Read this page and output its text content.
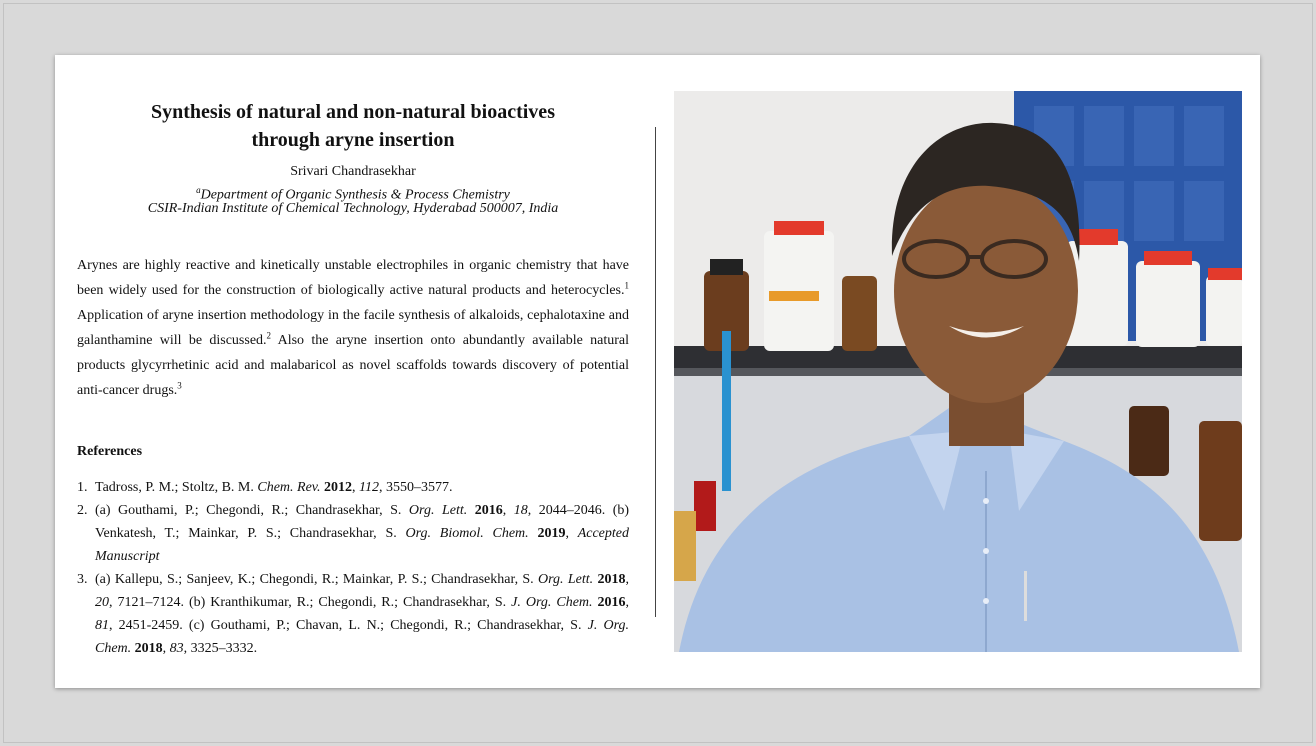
Synthesis of natural and non-natural bioactives
through aryne insertion
Srivari Chandrasekhar
$^a$Department of Organic Synthesis & Process Chemistry
CSIR-Indian Institute of Chemical Technology, Hyderabad 500007, India

Arynes are highly reactive and kinetically unstable electrophiles in organic chemistry that have been widely used for the construction of biologically active natural products and heterocycles.$^1$ Application of aryne insertion methodology in the facile synthesis of alkaloids, cephalotaxine and galanthamine will be discussed.$^2$ Also the aryne insertion onto abundantly available natural products glycyrrhetinic acid and malabaricol as novel scaffolds towards discovery of potential anti-cancer drugs.$^3$

References
1. Tadross, P. M.; Stoltz, B. M. Chem. Rev. 2012, 112, 3550–3577.
2. (a) Gouthami, P.; Chegondi, R.; Chandrasekhar, S. Org. Lett. 2016, 18, 2044–2046. (b) Venkatesh, T.; Mainkar, P. S.; Chandrasekhar, S. Org. Biomol. Chem. 2019, Accepted Manuscript
3. (a) Kallepu, S.; Sanjeev, K.; Chegondi, R.; Mainkar, P. S.; Chandrasekhar, S. Org. Lett. 2018, 20, 7121–7124. (b) Kranthikumar, R.; Chegondi, R.; Chandrasekhar, S. J. Org. Chem. 2016, 81, 2451-2459. (c) Gouthami, P.; Chavan, L. N.; Chegondi, R.; Chandrasekhar, S. J. Org. Chem. 2018, 83, 3325–3332.
